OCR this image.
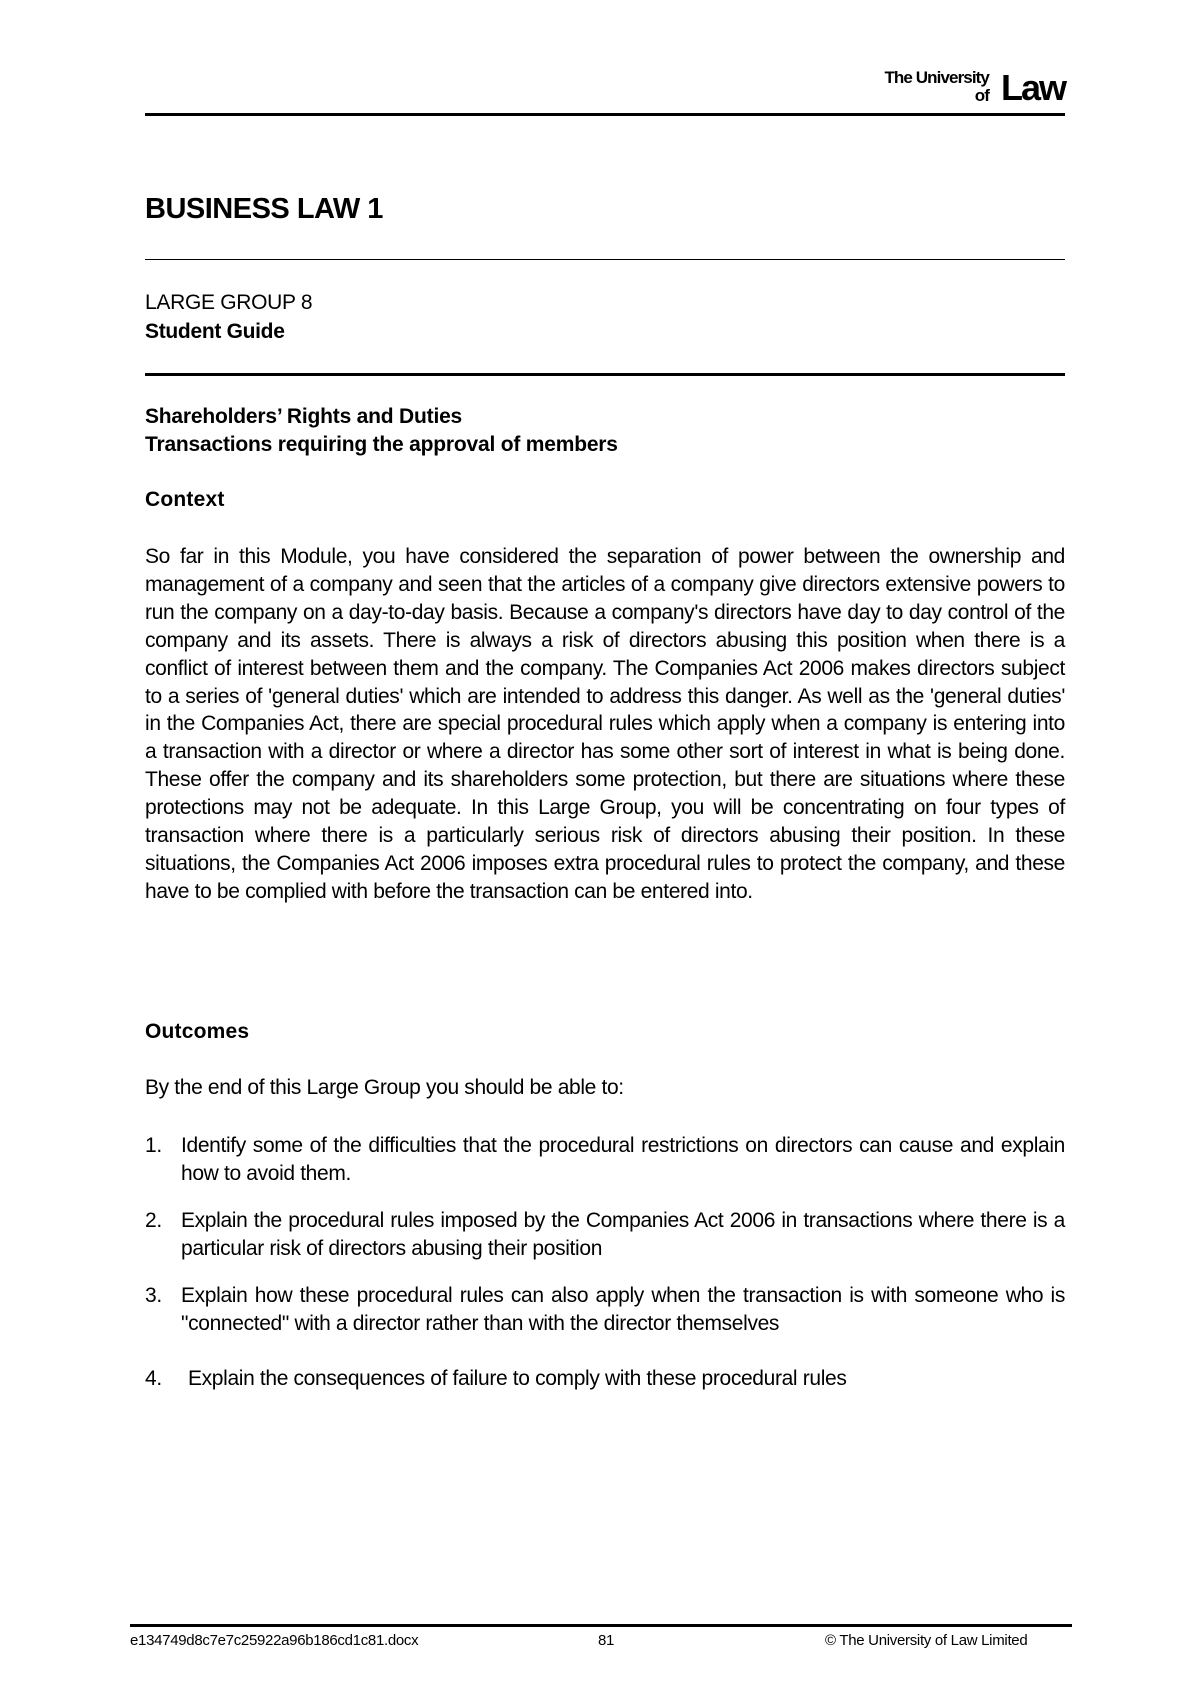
The University
of Law
BUSINESS LAW 1
LARGE GROUP 8
Student Guide
Shareholders’ Rights and Duties
Transactions requiring the approval of members
Context

So far in this Module, you have considered the separation of power between the ownership and management of a company and seen that the articles of a company give directors extensive powers to run the company on a day-to-day basis. Because a company's directors have day to day control of the company and its assets. There is always a risk of directors abusing this position when there is a conflict of interest between them and the company. The Companies Act 2006 makes directors subject to a series of 'general duties' which are intended to address this danger. As well as the 'general duties' in the Companies Act, there are special procedural rules which apply when a company is entering into a transaction with a director or where a director has some other sort of interest in what is being done. These offer the company and its shareholders some protection, but there are situations where these protections may not be adequate. In this Large Group, you will be concentrating on four types of transaction where there is a particularly serious risk of directors abusing their position. In these situations, the Companies Act 2006 imposes extra procedural rules to protect the company, and these have to be complied with before the transaction can be entered into.

Outcomes
By the end of this Large Group you should be able to:
1. Identify some of the difficulties that the procedural restrictions on directors can cause and explain how to avoid them.
2. Explain the procedural rules imposed by the Companies Act 2006 in transactions where there is a particular risk of directors abusing their position
3. Explain how these procedural rules can also apply when the transaction is with someone who is "connected" with a director rather than with the director themselves
4. Explain the consequences of failure to comply with these procedural rules
e134749d8c7e7c25922a96b186cd1c81.docx	81	© The University of Law Limited
